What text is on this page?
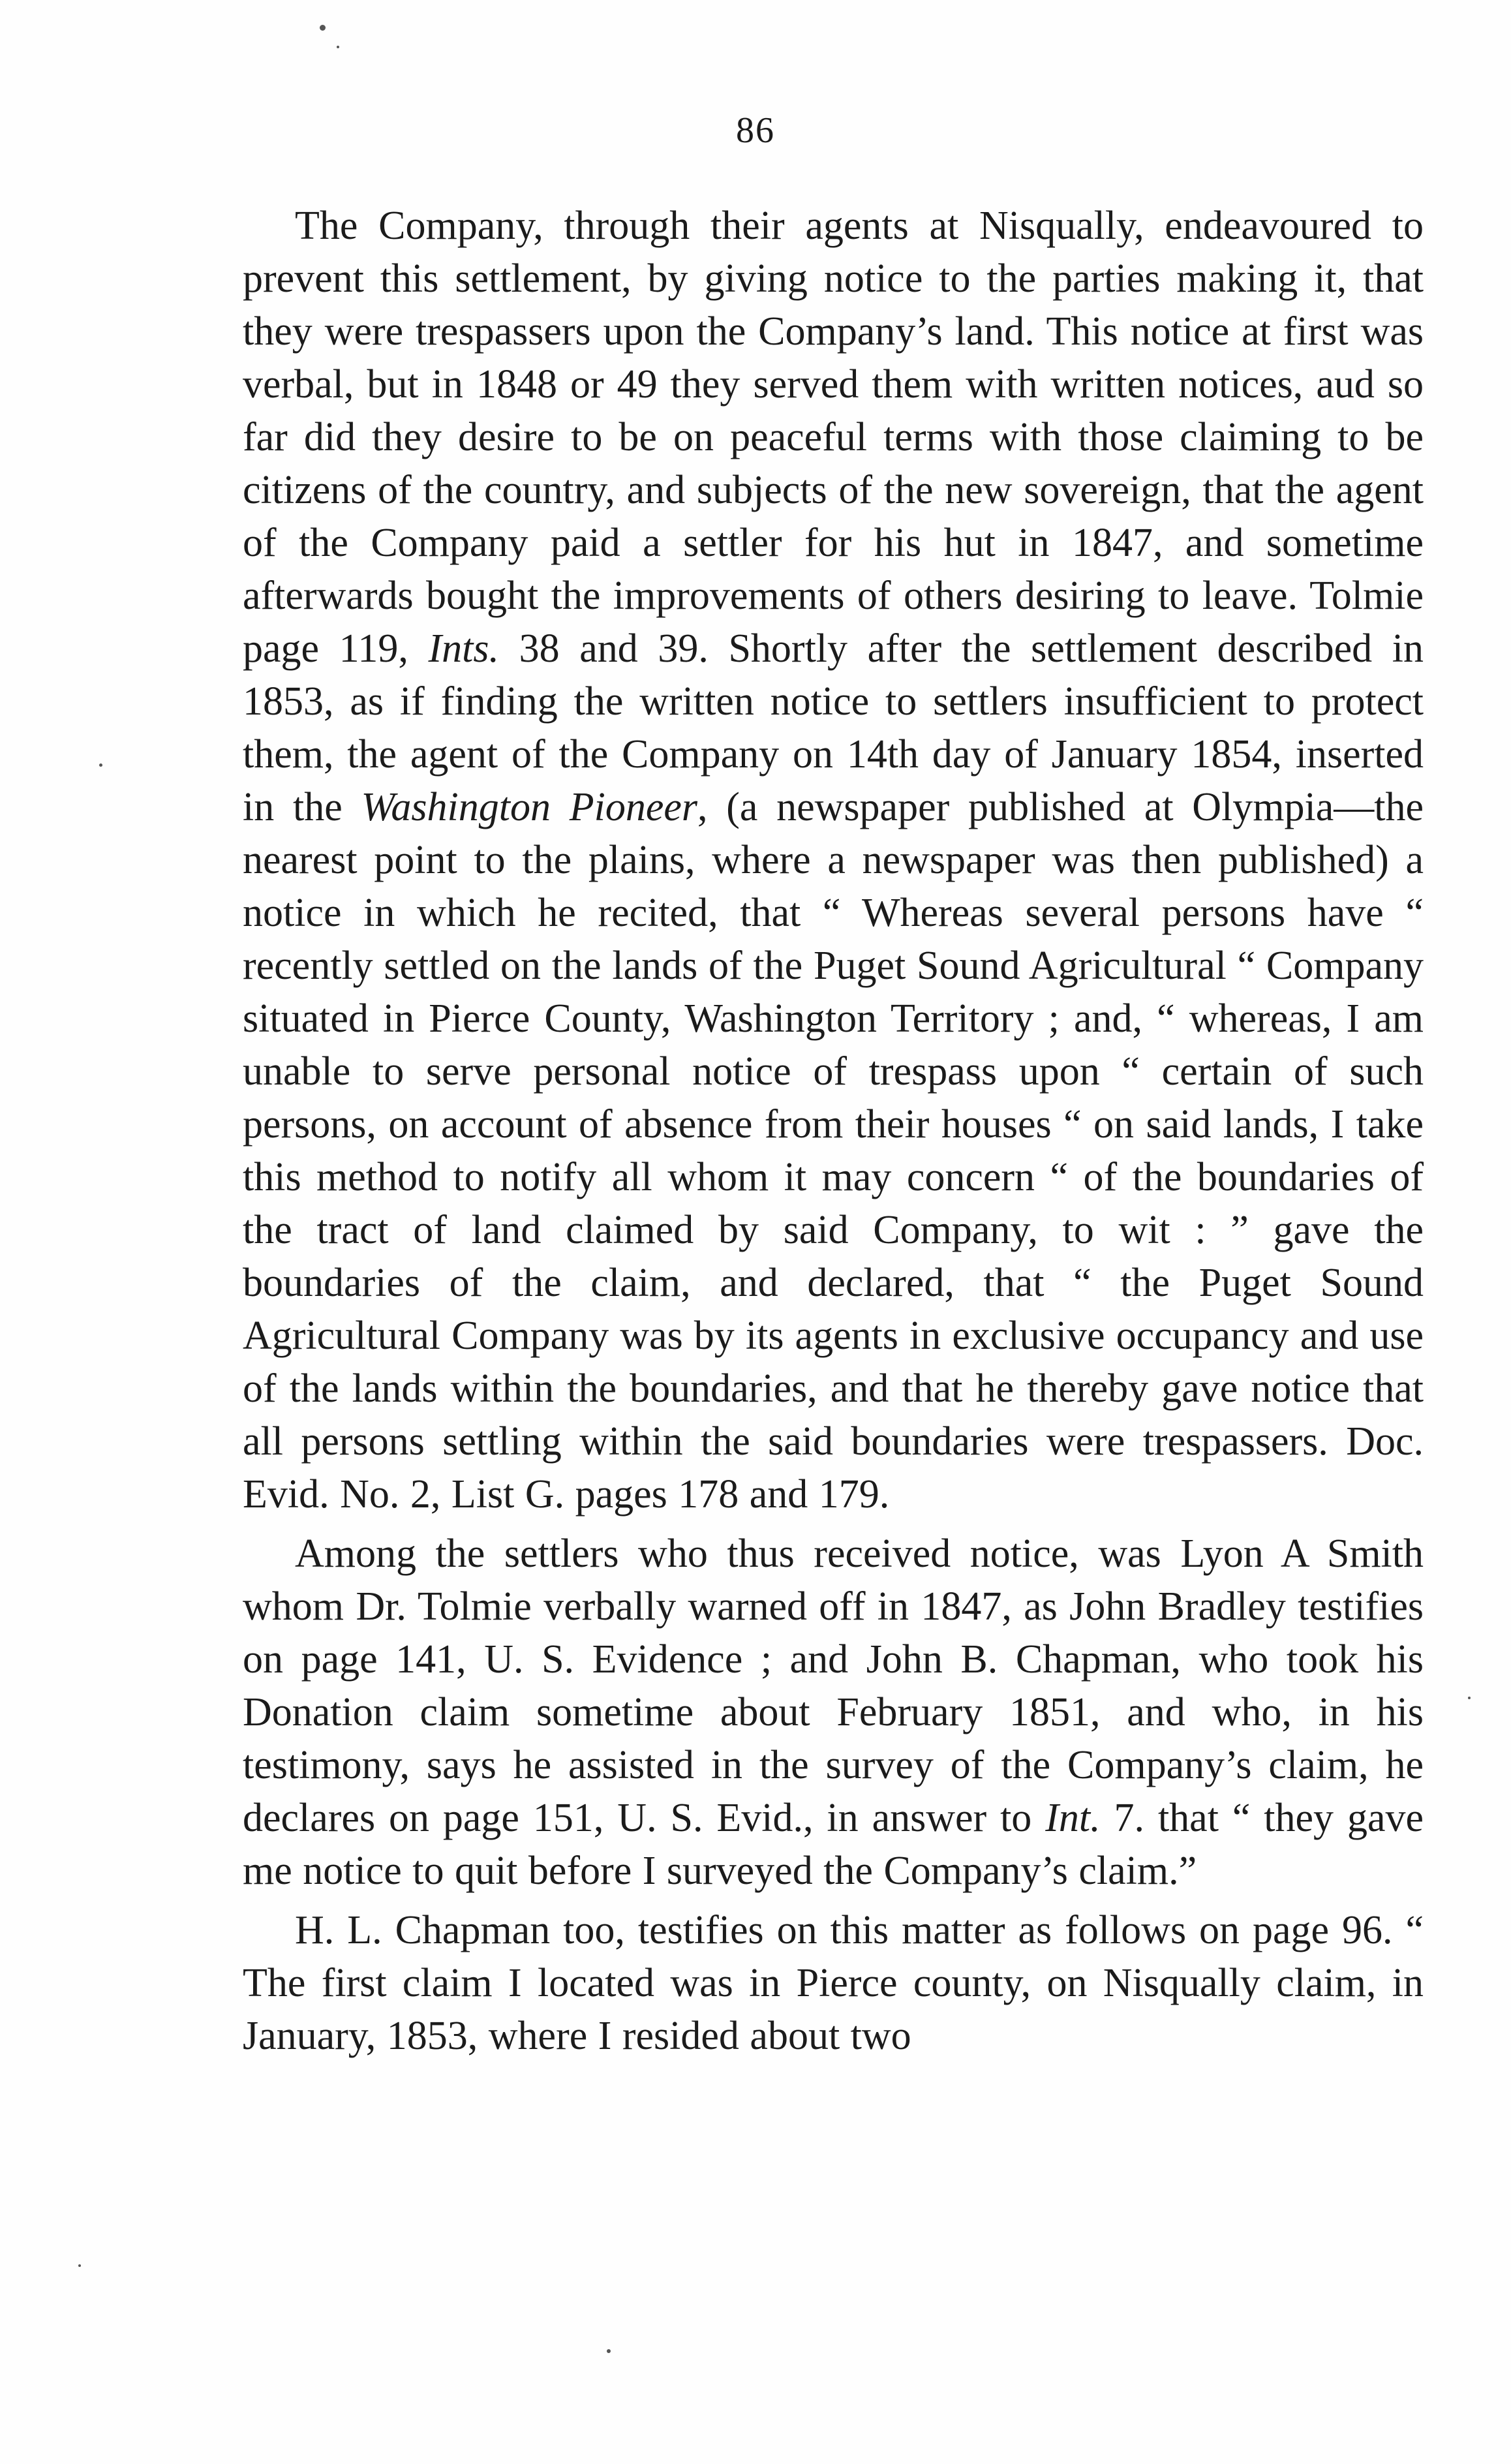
86

The Company, through their agents at Nisqually, endeavoured to prevent this settlement, by giving notice to the parties making it, that they were trespassers upon the Company’s land. This notice at first was verbal, but in 1848 or 49 they served them with written notices, aud so far did they desire to be on peaceful terms with those claiming to be citizens of the country, and subjects of the new sovereign, that the agent of the Company paid a settler for his hut in 1847, and sometime afterwards bought the improvements of others desiring to leave. Tolmie page 119, Ints. 38 and 39. Shortly after the settlement described in 1853, as if finding the written notice to settlers insufficient to protect them, the agent of the Company on 14th day of January 1854, inserted in the Washington Pioneer, (a newspaper published at Olympia—the nearest point to the plains, where a newspaper was then published) a notice in which he recited, that “ Whereas several persons have “ recently settled on the lands of the Puget Sound Agricultural “ Company situated in Pierce County, Washington Territory ; and, “ whereas, I am unable to serve personal notice of trespass upon “ certain of such persons, on account of absence from their houses “ on said lands, I take this method to notify all whom it may concern “ of the boundaries of the tract of land claimed by said Company, to wit : ” gave the boundaries of the claim, and declared, that “ the Puget Sound Agricultural Company was by its agents in exclusive occupancy and use of the lands within the boundaries, and that he thereby gave notice that all persons settling within the said boundaries were trespassers. Doc. Evid. No. 2, List G. pages 178 and 179.

Among the settlers who thus received notice, was Lyon A Smith whom Dr. Tolmie verbally warned off in 1847, as John Bradley testifies on page 141, U. S. Evidence ; and John B. Chapman, who took his Donation claim sometime about February 1851, and who, in his testimony, says he assisted in the survey of the Company’s claim, he declares on page 151, U. S. Evid., in answer to Int. 7. that “ they gave me notice to quit before I surveyed the Company’s claim.”

H. L. Chapman too, testifies on this matter as follows on page 96. “ The first claim I located was in Pierce county, on Nisqually claim, in January, 1853, where I resided about two
